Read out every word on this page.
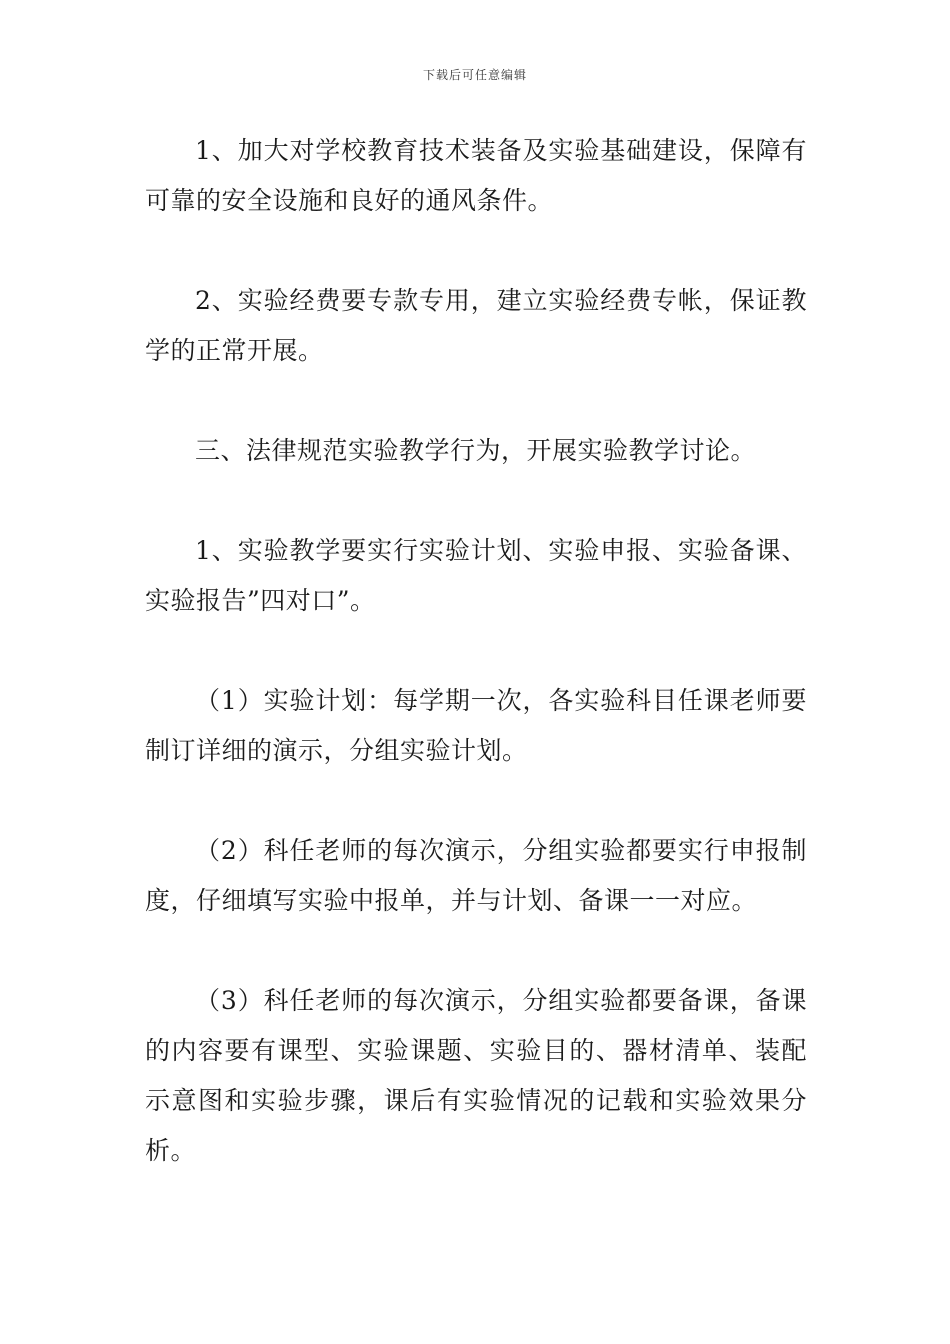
下载后可任意编辑

1、加大对学校教育技术装备及实验基础建设，保障有可靠的安全设施和良好的通风条件。

2、实验经费要专款专用，建立实验经费专帐，保证教学的正常开展。

三、法律规范实验教学行为，开展实验教学讨论。

1、实验教学要实行实验计划、实验申报、实验备课、实验报告”四对口”。

（1）实验计划：每学期一次，各实验科目任课老师要制订详细的演示，分组实验计划。

（2）科任老师的每次演示，分组实验都要实行申报制度，仔细填写实验中报单，并与计划、备课一一对应。

（3）科任老师的每次演示，分组实验都要备课，备课的内容要有课型、实验课题、实验目的、器材清单、装配示意图和实验步骤，课后有实验情况的记载和实验效果分析。
